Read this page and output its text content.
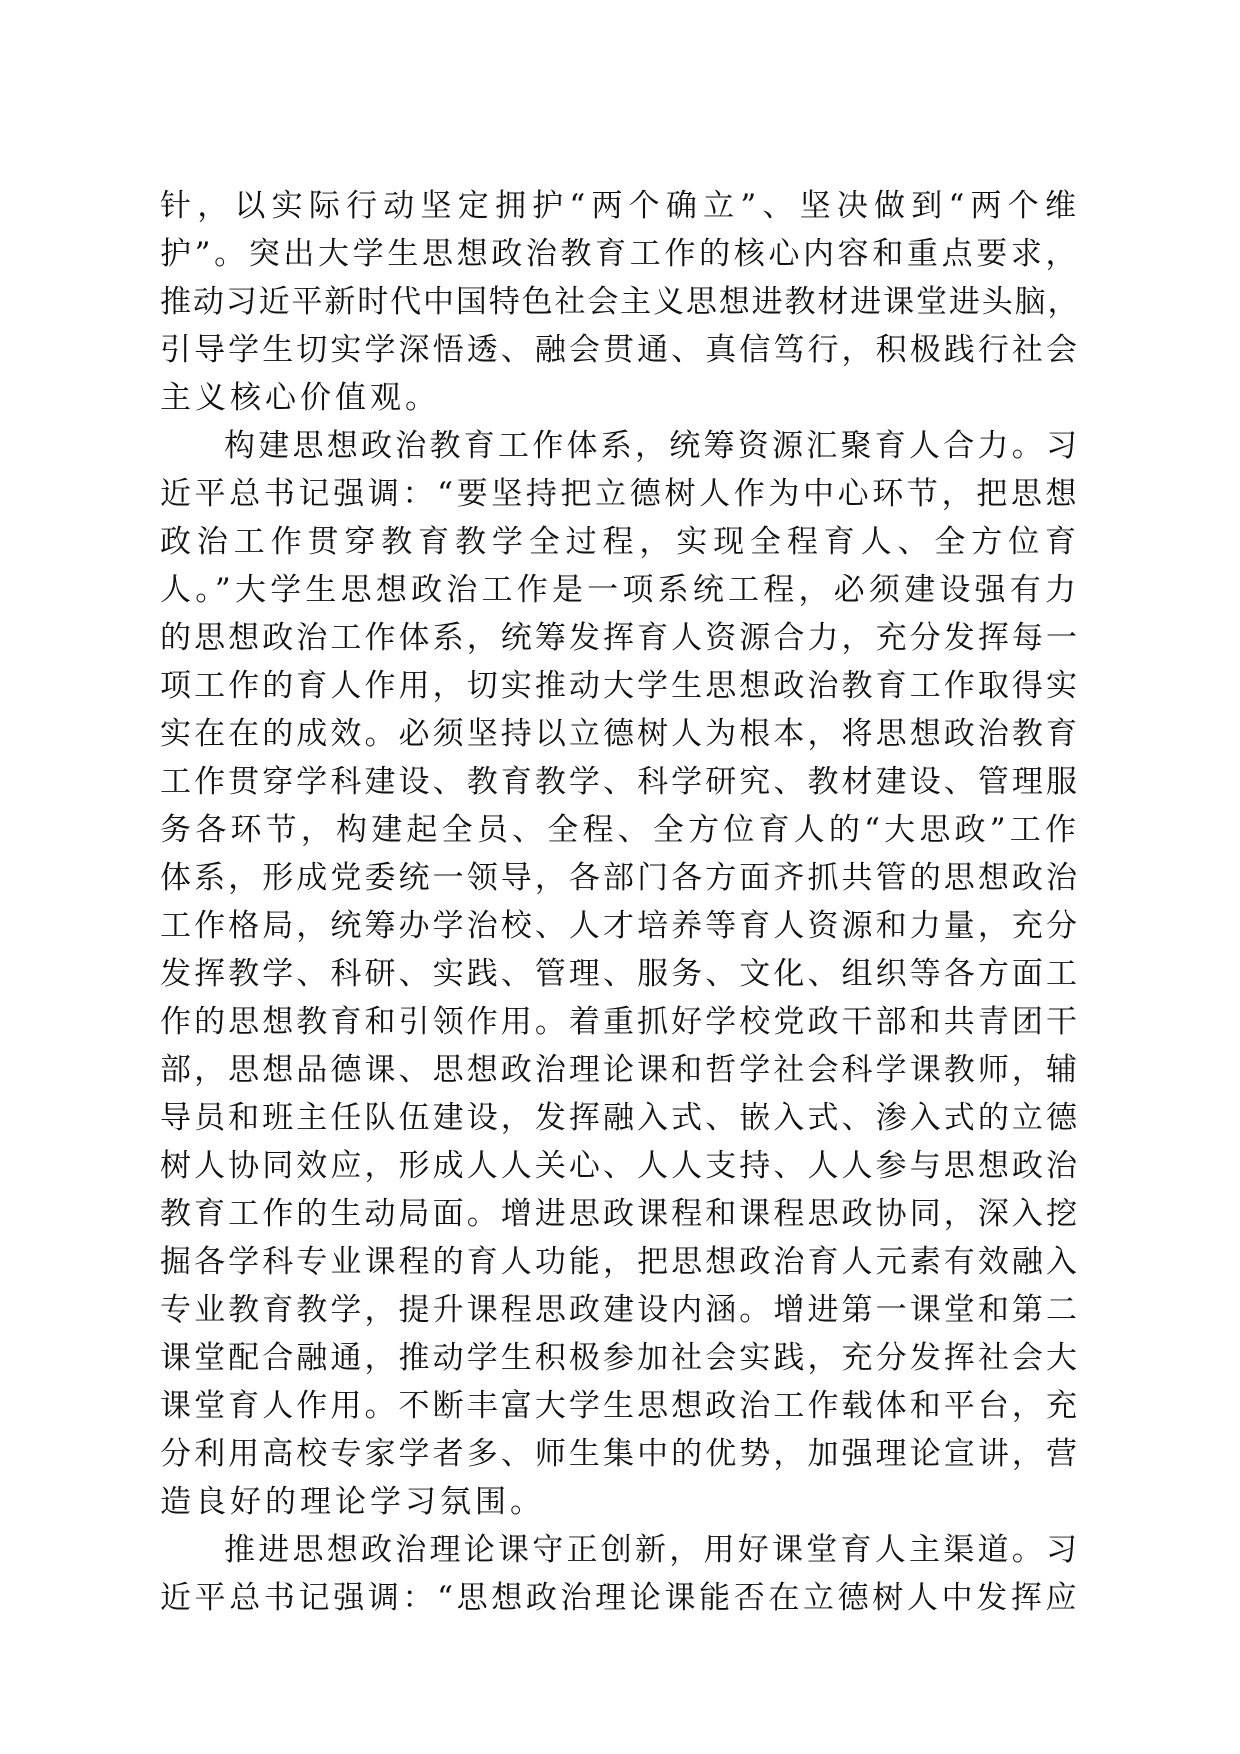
针，以实际行动坚定拥护“两个确立”、坚决做到“两个维
护”。突出大学生思想政治教育工作的核心内容和重点要求，
推动习近平新时代中国特色社会主义思想进教材进课堂进头脑，
引导学生切实学深悟透、融会贯通、真信笃行，积极践行社会
主义核心价值观。
构建思想政治教育工作体系，统筹资源汇聚育人合力。习
近平总书记强调：“要坚持把立德树人作为中心环节，把思想
政治工作贯穿教育教学全过程，实现全程育人、全方位育
人。”大学生思想政治工作是一项系统工程，必须建设强有力
的思想政治工作体系，统筹发挥育人资源合力，充分发挥每一
项工作的育人作用，切实推动大学生思想政治教育工作取得实
实在在的成效。必须坚持以立德树人为根本，将思想政治教育
工作贯穿学科建设、教育教学、科学研究、教材建设、管理服
务各环节，构建起全员、全程、全方位育人的“大思政”工作
体系，形成党委统一领导，各部门各方面齐抓共管的思想政治
工作格局，统筹办学治校、人才培养等育人资源和力量，充分
发挥教学、科研、实践、管理、服务、文化、组织等各方面工
作的思想教育和引领作用。着重抓好学校党政干部和共青团干
部，思想品德课、思想政治理论课和哲学社会科学课教师，辅
导员和班主任队伍建设，发挥融入式、嵌入式、渗入式的立德
树人协同效应，形成人人关心、人人支持、人人参与思想政治
教育工作的生动局面。增进思政课程和课程思政协同，深入挖
掘各学科专业课程的育人功能，把思想政治育人元素有效融入
专业教育教学，提升课程思政建设内涵。增进第一课堂和第二
课堂配合融通，推动学生积极参加社会实践，充分发挥社会大
课堂育人作用。不断丰富大学生思想政治工作载体和平台，充
分利用高校专家学者多、师生集中的优势，加强理论宣讲，营
造良好的理论学习氛围。
推进思想政治理论课守正创新，用好课堂育人主渠道。习
近平总书记强调：“思想政治理论课能否在立德树人中发挥应
